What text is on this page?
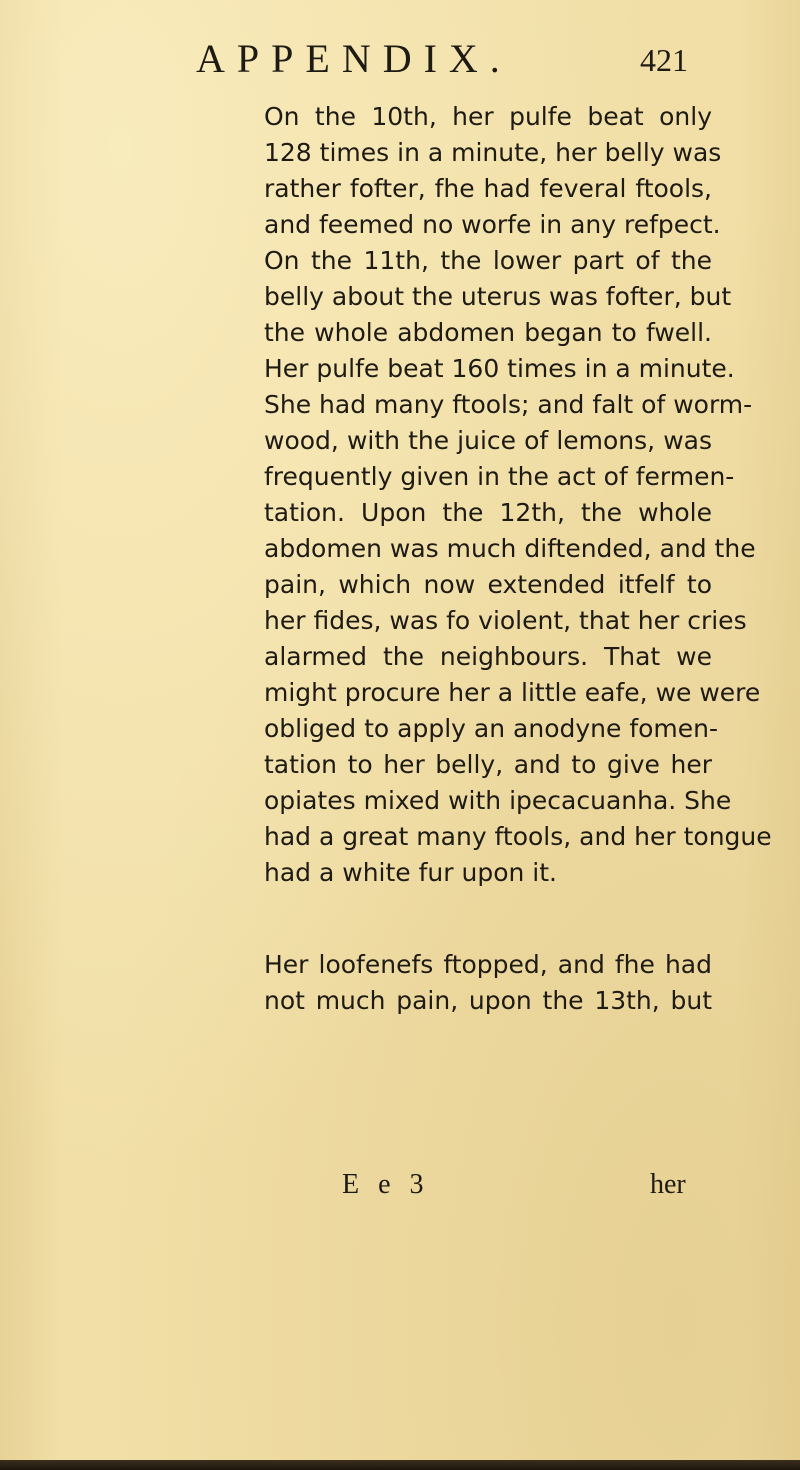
APPENDIX.	421
On the 10th, her pulfe beat only
128 times in a minute, her belly was
rather fofter, fhe had feveral ftools,
and feemed no worfe in any refpect.
On the 11th, the lower part of the
belly about the uterus was fofter, but
the whole abdomen began to fwell.
Her pulfe beat 160 times in a minute.
She had many ftools; and falt of worm-
wood, with the juice of lemons, was
frequently given in the act of fermen-
tation. Upon the 12th, the whole
abdomen was much diftended, and the
pain, which now extended itfelf to
her fides, was fo violent, that her cries
alarmed the neighbours. That we
might procure her a little eafe, we were
obliged to apply an anodyne fomen-
tation to her belly, and to give her
opiates mixed with ipecacuanha. She
had a great many ftools, and her tongue
had a white fur upon it.
Her loofenefs ftopped, and fhe had
not much pain, upon the 13th, but
E e 3	her
